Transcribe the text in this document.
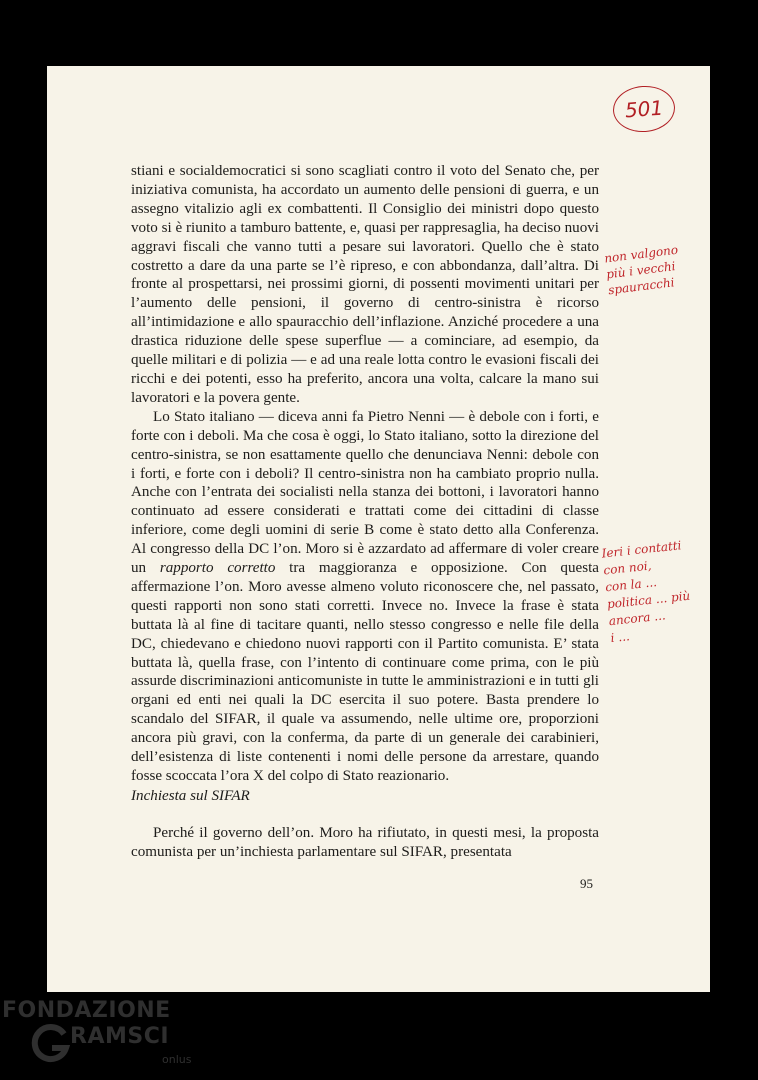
501

stiani e socialdemocratici si sono scagliati contro il voto del Senato che, per iniziativa comunista, ha accordato un aumento delle pensioni di guerra, e un assegno vitalizio agli ex combattenti. Il Consiglio dei ministri dopo questo voto si è riunito a tamburo battente, e, quasi per rappresaglia, ha deciso nuovi aggravi fiscali che vanno tutti a pesare sui lavoratori. Quello che è stato costretto a dare da una parte se l’è ripreso, e con abbondanza, dall’altra. Di fronte al prospettarsi, nei prossimi giorni, di possenti movimenti unitari per l’aumento delle pensioni, il governo di centro-sinistra è ricorso all’intimidazione e allo spauracchio dell’inflazione. Anziché procedere a una drastica riduzione delle spese superflue — a cominciare, ad esempio, da quelle militari e di polizia — e ad una reale lotta contro le evasioni fiscali dei ricchi e dei potenti, esso ha preferito, ancora una volta, calcare la mano sui lavoratori e la povera gente.

Lo Stato italiano — diceva anni fa Pietro Nenni — è debole con i forti, e forte con i deboli. Ma che cosa è oggi, lo Stato italiano, sotto la direzione del centro-sinistra, se non esattamente quello che denunciava Nenni: debole con i forti, e forte con i deboli? Il centro-sinistra non ha cambiato proprio nulla. Anche con l’entrata dei socialisti nella stanza dei bottoni, i lavoratori hanno continuato ad essere considerati e trattati come dei cittadini di classe inferiore, come degli uomini di serie B come è stato detto alla Conferenza. Al congresso della DC l’on. Moro si è azzardato ad affermare di voler creare un rapporto corretto tra maggioranza e opposizione. Con questa affermazione l’on. Moro avesse almeno voluto riconoscere che, nel passato, questi rapporti non sono stati corretti. Invece no. Invece la frase è stata buttata là al fine di tacitare quanti, nello stesso congresso e nelle file della DC, chiedevano e chiedono nuovi rapporti con il Partito comunista. E’ stata buttata là, quella frase, con l’intento di continuare come prima, con le più assurde discriminazioni anticomuniste in tutte le amministrazioni e in tutti gli organi ed enti nei quali la DC esercita il suo potere. Basta prendere lo scandalo del SIFAR, il quale va assumendo, nelle ultime ore, proporzioni ancora più gravi, con la conferma, da parte di un generale dei carabinieri, dell’esistenza di liste contenenti i nomi delle persone da arrestare, quando fosse scoccata l’ora X del colpo di Stato reazionario.

Inchiesta sul SIFAR

Perché il governo dell’on. Moro ha rifiutato, in questi mesi, la proposta comunista per un’inchiesta parlamentare sul SIFAR, presentata

95
non valgono
più i vecchi
spauracchi
Ieri i contatti
con noi,
con la ...
politica ... più
ancora ...
i ...
FONDAZIONE
RAMSCI
onlus
